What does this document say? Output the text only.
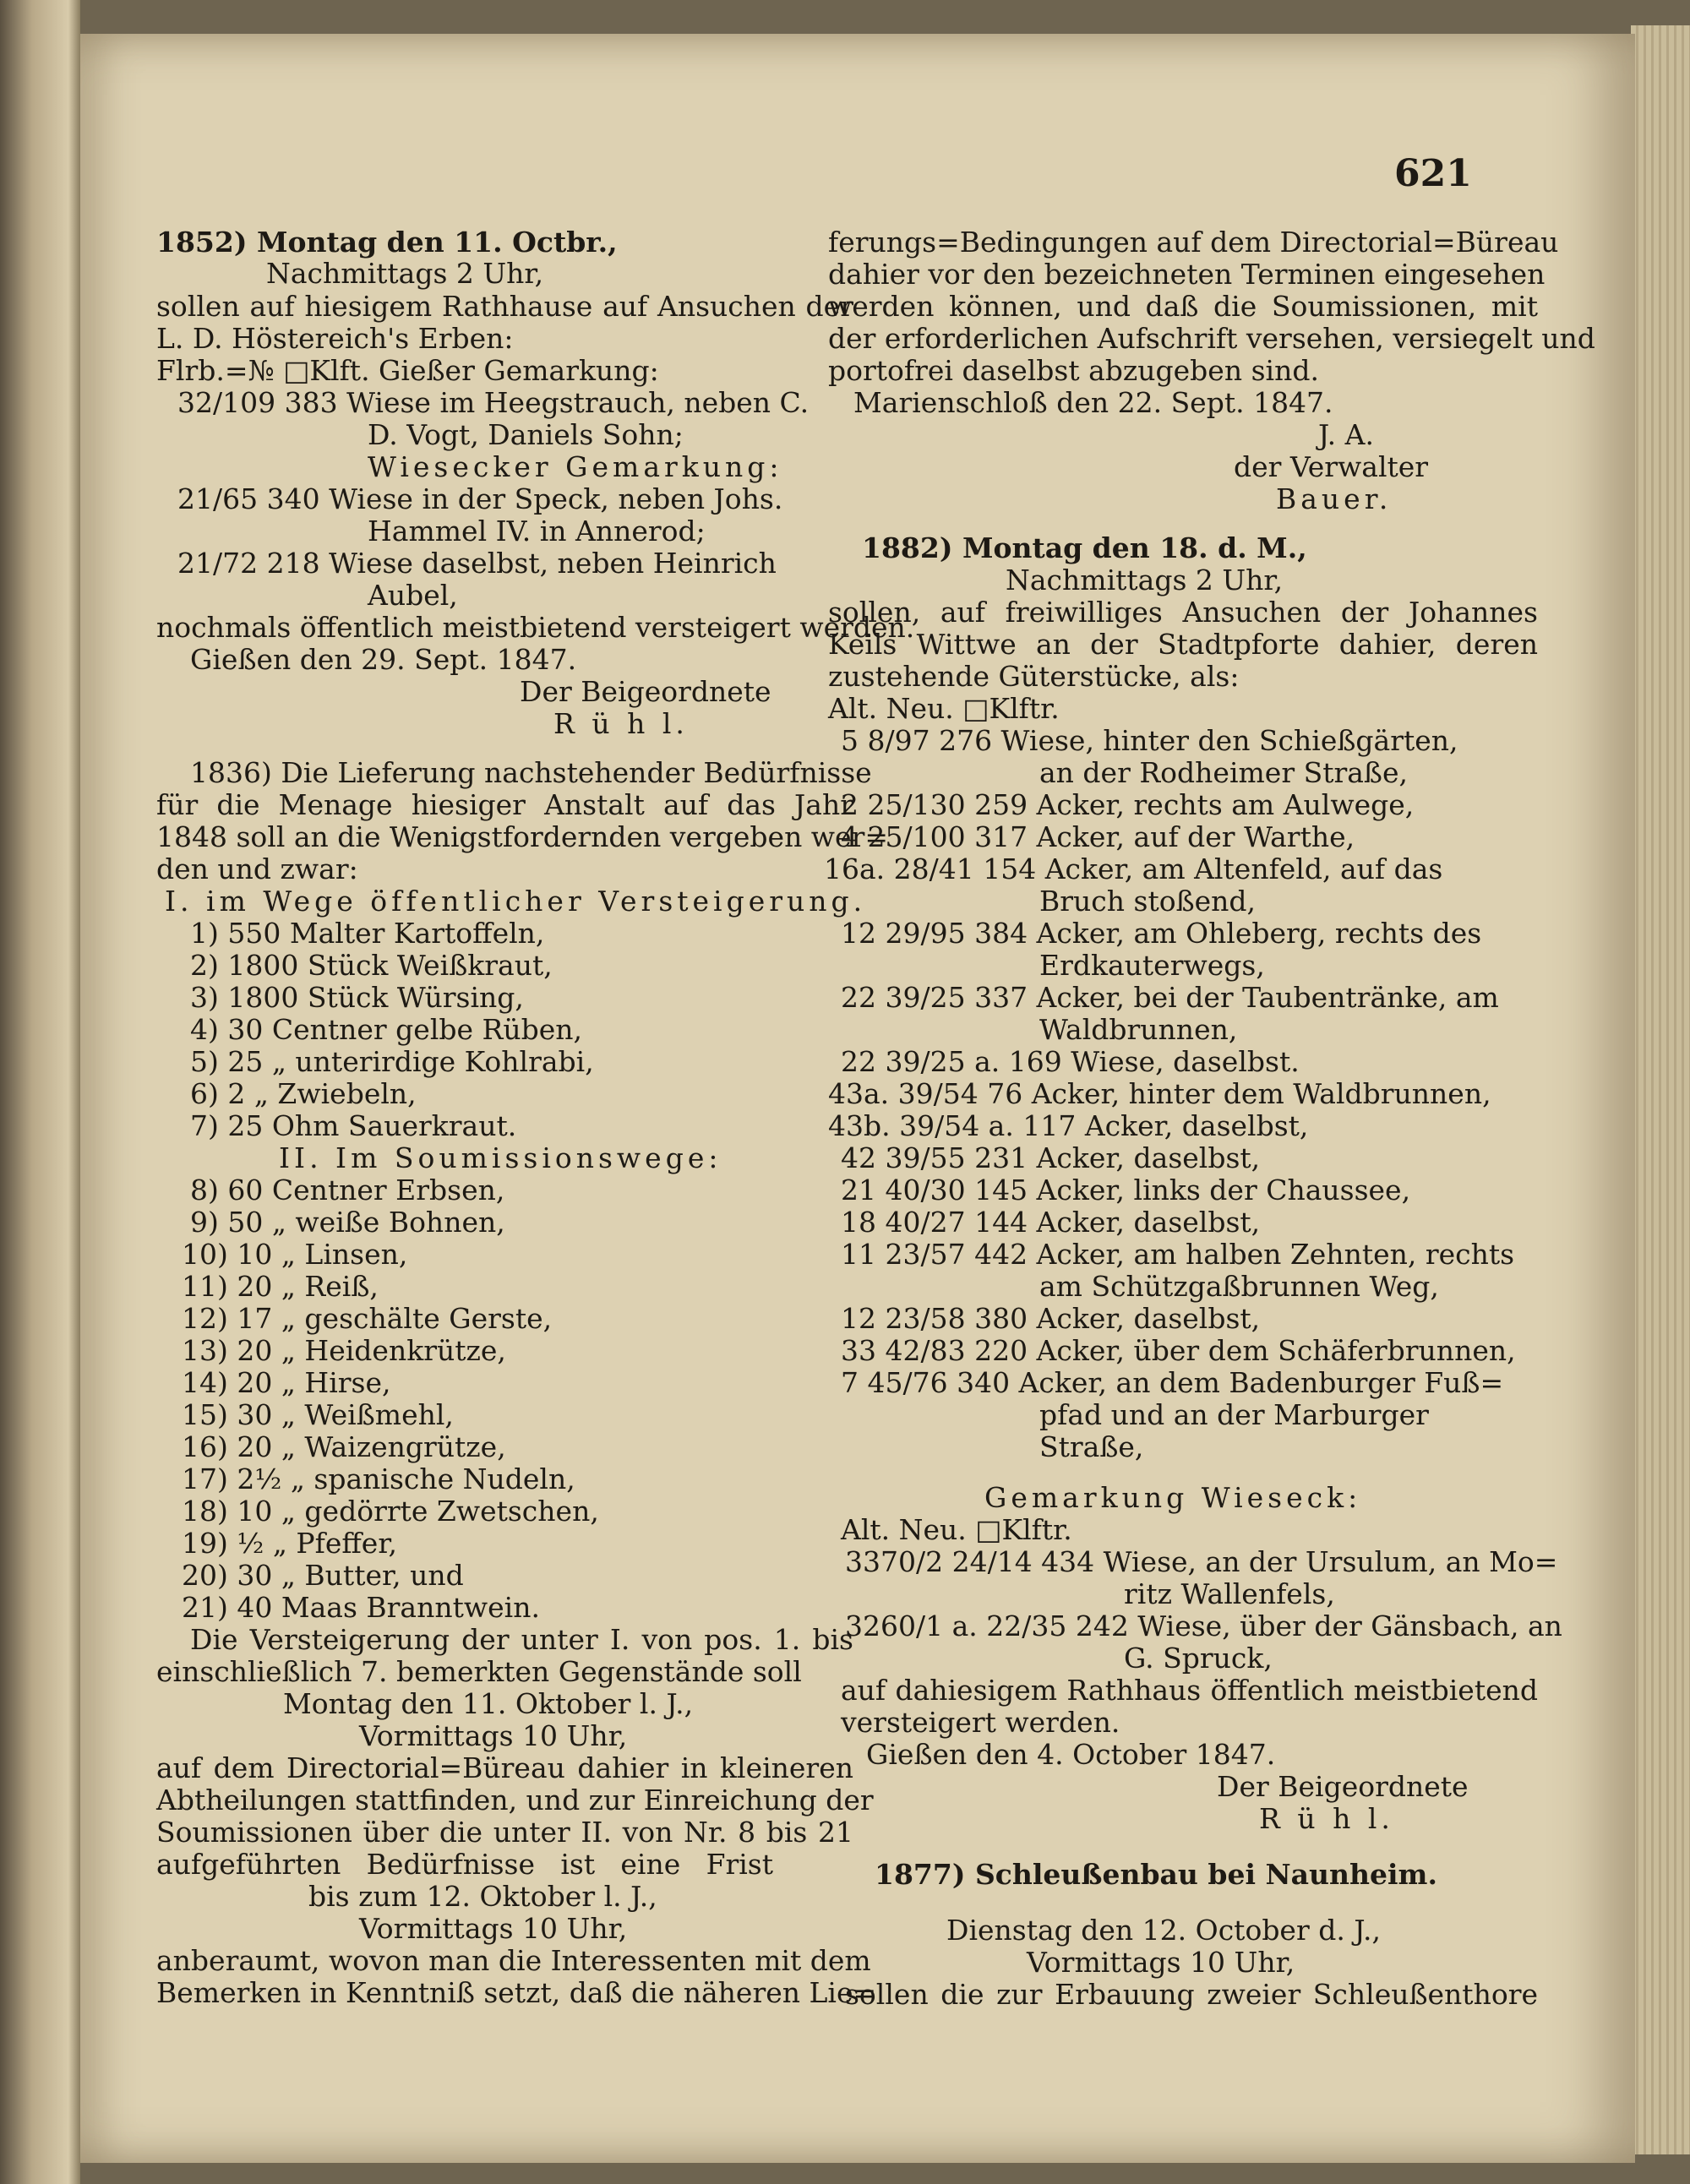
621
1852) Montag den 11. Octbr.,
Nachmittags 2 Uhr,
sollen auf hiesigem Rathhause auf Ansuchen der
L. D. Höstereich's Erben:
Flrb.=№ □Klft. Gießer Gemarkung:
32/109 383 Wiese im Heegstrauch, neben C.
D. Vogt, Daniels Sohn;
Wiesecker Gemarkung:
21/65 340 Wiese in der Speck, neben Johs.
Hammel IV. in Annerod;
21/72 218 Wiese daselbst, neben Heinrich
Aubel,
nochmals öffentlich meistbietend versteigert werden.
Gießen den 29. Sept. 1847.
Der Beigeordnete
R ü h l.
1836) Die Lieferung nachstehender Bedürfnisse
für die Menage hiesiger Anstalt auf das Jahr
1848 soll an die Wenigstfordernden vergeben wer=
den und zwar:
I. im Wege öffentlicher Versteigerung.
1) 550 Malter Kartoffeln,
2) 1800 Stück Weißkraut,
3) 1800 Stück Würsing,
4) 30 Centner gelbe Rüben,
5) 25 „ unterirdige Kohlrabi,
6) 2 „ Zwiebeln,
7) 25 Ohm Sauerkraut.
II. Im Soumissionswege:
8) 60 Centner Erbsen,
9) 50 „ weiße Bohnen,
10) 10 „ Linsen,
11) 20 „ Reiß,
12) 17 „ geschälte Gerste,
13) 20 „ Heidenkrütze,
14) 20 „ Hirse,
15) 30 „ Weißmehl,
16) 20 „ Waizengrütze,
17) 2½ „ spanische Nudeln,
18) 10 „ gedörrte Zwetschen,
19) ½ „ Pfeffer,
20) 30 „ Butter, und
21) 40 Maas Branntwein.
Die Versteigerung der unter I. von pos. 1. bis
einschließlich 7. bemerkten Gegenstände soll
Montag den 11. Oktober l. J.,
Vormittags 10 Uhr,
auf dem Directorial=Büreau dahier in kleineren
Abtheilungen stattfinden, und zur Einreichung der
Soumissionen über die unter II. von Nr. 8 bis 21
aufgeführten Bedürfnisse ist eine Frist
bis zum 12. Oktober l. J.,
Vormittags 10 Uhr,
anberaumt, wovon man die Interessenten mit dem
Bemerken in Kenntniß setzt, daß die näheren Lie=
ferungs=Bedingungen auf dem Directorial=Büreau
dahier vor den bezeichneten Terminen eingesehen
werden können, und daß die Soumissionen, mit
der erforderlichen Aufschrift versehen, versiegelt und
portofrei daselbst abzugeben sind.
Marienschloß den 22. Sept. 1847.
J. A.
der Verwalter
Bauer.
1882) Montag den 18. d. M.,
Nachmittags 2 Uhr,
sollen, auf freiwilliges Ansuchen der Johannes
Keils Wittwe an der Stadtpforte dahier, deren
zustehende Güterstücke, als:
Alt. Neu. □Klftr.
5 8/97 276 Wiese, hinter den Schießgärten,
an der Rodheimer Straße,
2 25/130 259 Acker, rechts am Aulwege,
4 25/100 317 Acker, auf der Warthe,
16a. 28/41 154 Acker, am Altenfeld, auf das
Bruch stoßend,
12 29/95 384 Acker, am Ohleberg, rechts des
Erdkauterwegs,
22 39/25 337 Acker, bei der Taubentränke, am
Waldbrunnen,
22 39/25 a. 169 Wiese, daselbst.
43a. 39/54 76 Acker, hinter dem Waldbrunnen,
43b. 39/54 a. 117 Acker, daselbst,
42 39/55 231 Acker, daselbst,
21 40/30 145 Acker, links der Chaussee,
18 40/27 144 Acker, daselbst,
11 23/57 442 Acker, am halben Zehnten, rechts
am Schützgaßbrunnen Weg,
12 23/58 380 Acker, daselbst,
33 42/83 220 Acker, über dem Schäferbrunnen,
7 45/76 340 Acker, an dem Badenburger Fuß=
pfad und an der Marburger
Straße,
Gemarkung Wieseck:
Alt. Neu. □Klftr.
3370/2 24/14 434 Wiese, an der Ursulum, an Mo=
ritz Wallenfels,
3260/1 a. 22/35 242 Wiese, über der Gänsbach, an
G. Spruck,
auf dahiesigem Rathhaus öffentlich meistbietend
versteigert werden.
Gießen den 4. October 1847.
Der Beigeordnete
R ü h l.
1877) Schleußenbau bei Naunheim.
Dienstag den 12. October d. J.,
Vormittags 10 Uhr,
sollen die zur Erbauung zweier Schleußenthore
